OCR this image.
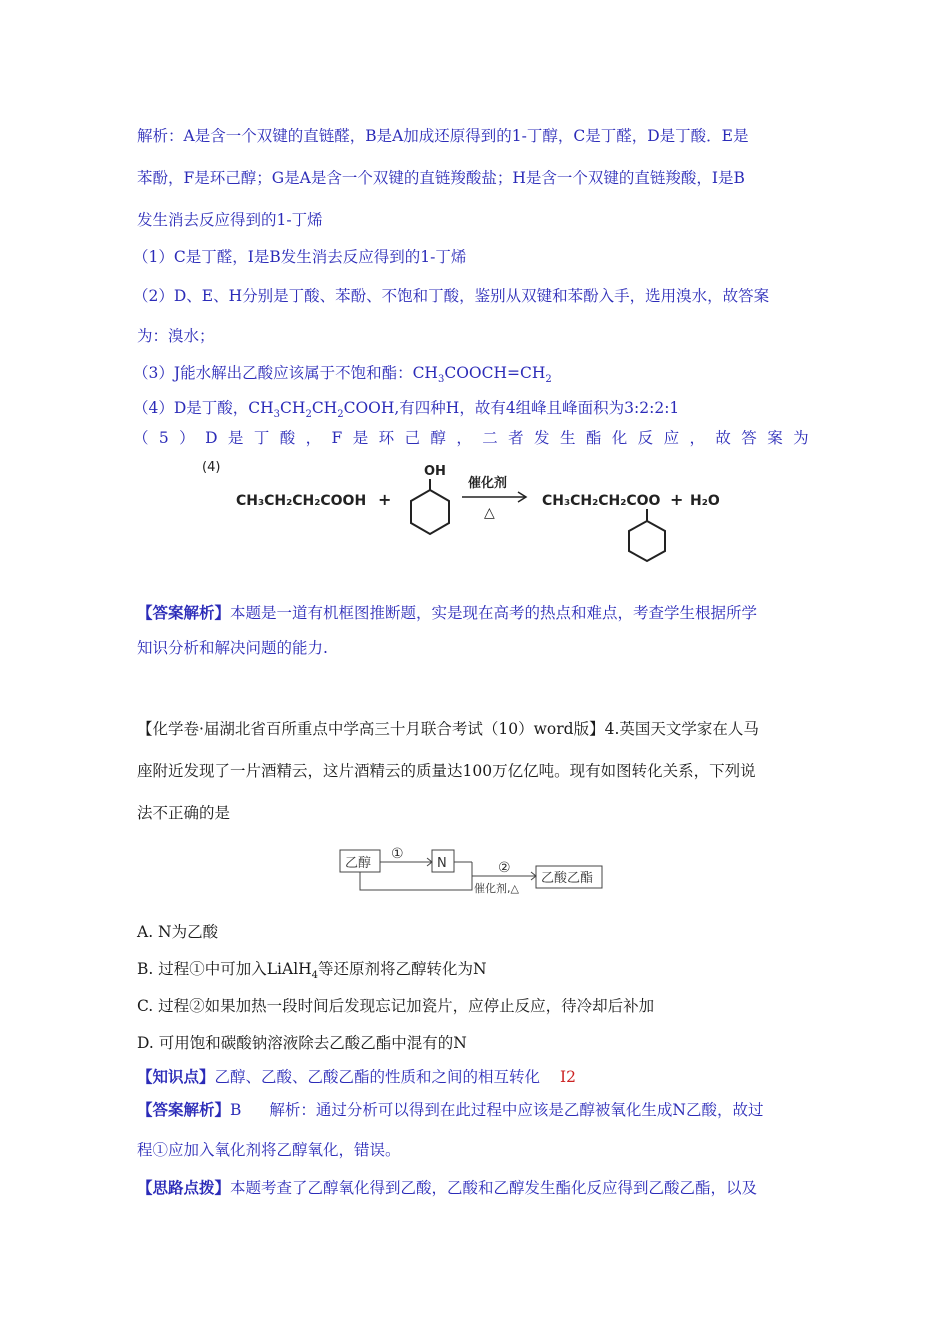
解析：A是含一个双键的直链醛，B是A加成还原得到的1-丁醇，C是丁醛，D是丁酸．E是
苯酚，F是环己醇；G是A是含一个双键的直链羧酸盐；H是含一个双键的直链羧酸，I是B
发生消去反应得到的1-丁烯
（1）C是丁醛，I是B发生消去反应得到的1-丁烯
（2）D、E、H分别是丁酸、苯酚、不饱和丁酸，鉴别从双键和苯酚入手，选用溴水，故答案
为：溴水；
（3）J能水解出乙酸应该属于不饱和酯：$CH_3COOCH=CH_2$
（4）D是丁酸，$CH_3CH_2CH_2COOH$,有四种H，故有4组峰且峰面积为3:2:2:1
（ 5 ） D 是 丁 酸 ， F 是 环 己 醇 ， 二 者 发 生 酯 化 反 应 ， 故 答 案 为
(4)
CH₃CH₂CH₂COOH +
OH
催化剂
△
CH₃CH₂CH₂COO + H₂O
【答案解析】本题是一道有机框图推断题，实是现在高考的热点和难点，考查学生根据所学
知识分析和解决问题的能力.
【化学卷·届湖北省百所重点中学高三十月联合考试（10）word版】4.英国天文学家在人马
座附近发现了一片酒精云，这片酒精云的质量达100万亿亿吨。现有如图转化关系，下列说
法不正确的是
乙醇
①
N	②
催化剂,△
乙酸乙酯
A. N为乙酸
B. 过程①中可加入LiAlH$_4$等还原剂将乙醇转化为N
C. 过程②如果加热一段时间后发现忘记加瓷片，应停止反应，待冷却后补加
D. 可用饱和碳酸钠溶液除去乙酸乙酯中混有的N
【知识点】乙醇、乙酸、乙酸乙酯的性质和之间的相互转化 I2
【答案解析】B 解析：通过分析可以得到在此过程中应该是乙醇被氧化生成N乙酸，故过
程①应加入氧化剂将乙醇氧化，错误。
【思路点拨】本题考查了乙醇氧化得到乙酸，乙酸和乙醇发生酯化反应得到乙酸乙酯，以及
